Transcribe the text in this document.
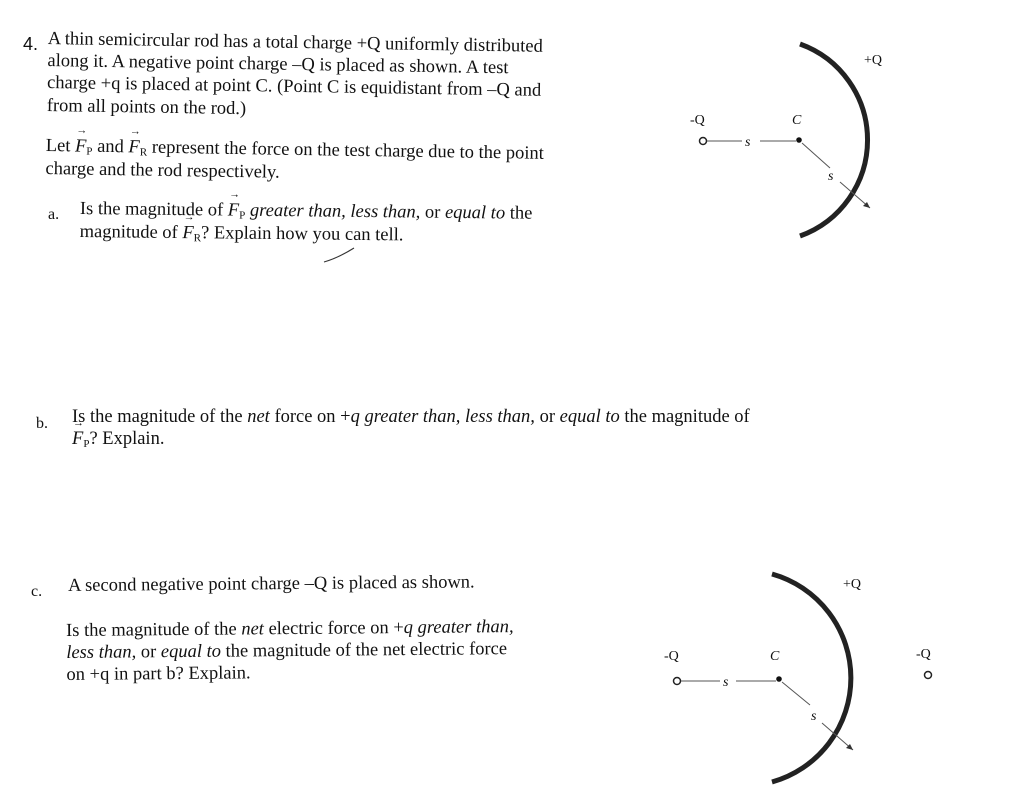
4. A thin semicircular rod has a total charge +Q uniformly distributed
along it. A negative point charge –Q is placed as shown. A test
charge +q is placed at point C. (Point C is equidistant from –Q and
from all points on the rod.)
Let → $F_P$ and → $F_R$ represent the force on the test charge due to the point
charge and the rod respectively.
a. Is the magnitude of → $F_P$ greater than, less than, or equal to the
magnitude of → $F_R$? Explain how you can tell.
b. Is the magnitude of the net force on +q greater than, less than, or equal to the magnitude of
→ $F_P$? Explain.
c. A second negative point charge –Q is placed as shown.
Is the magnitude of the net electric force on +q greater than,
less than, or equal to the magnitude of the net electric force
on +q in part b? Explain.
+Q
-Q
s
C
s
+Q
-Q
s
C
s
-Q
